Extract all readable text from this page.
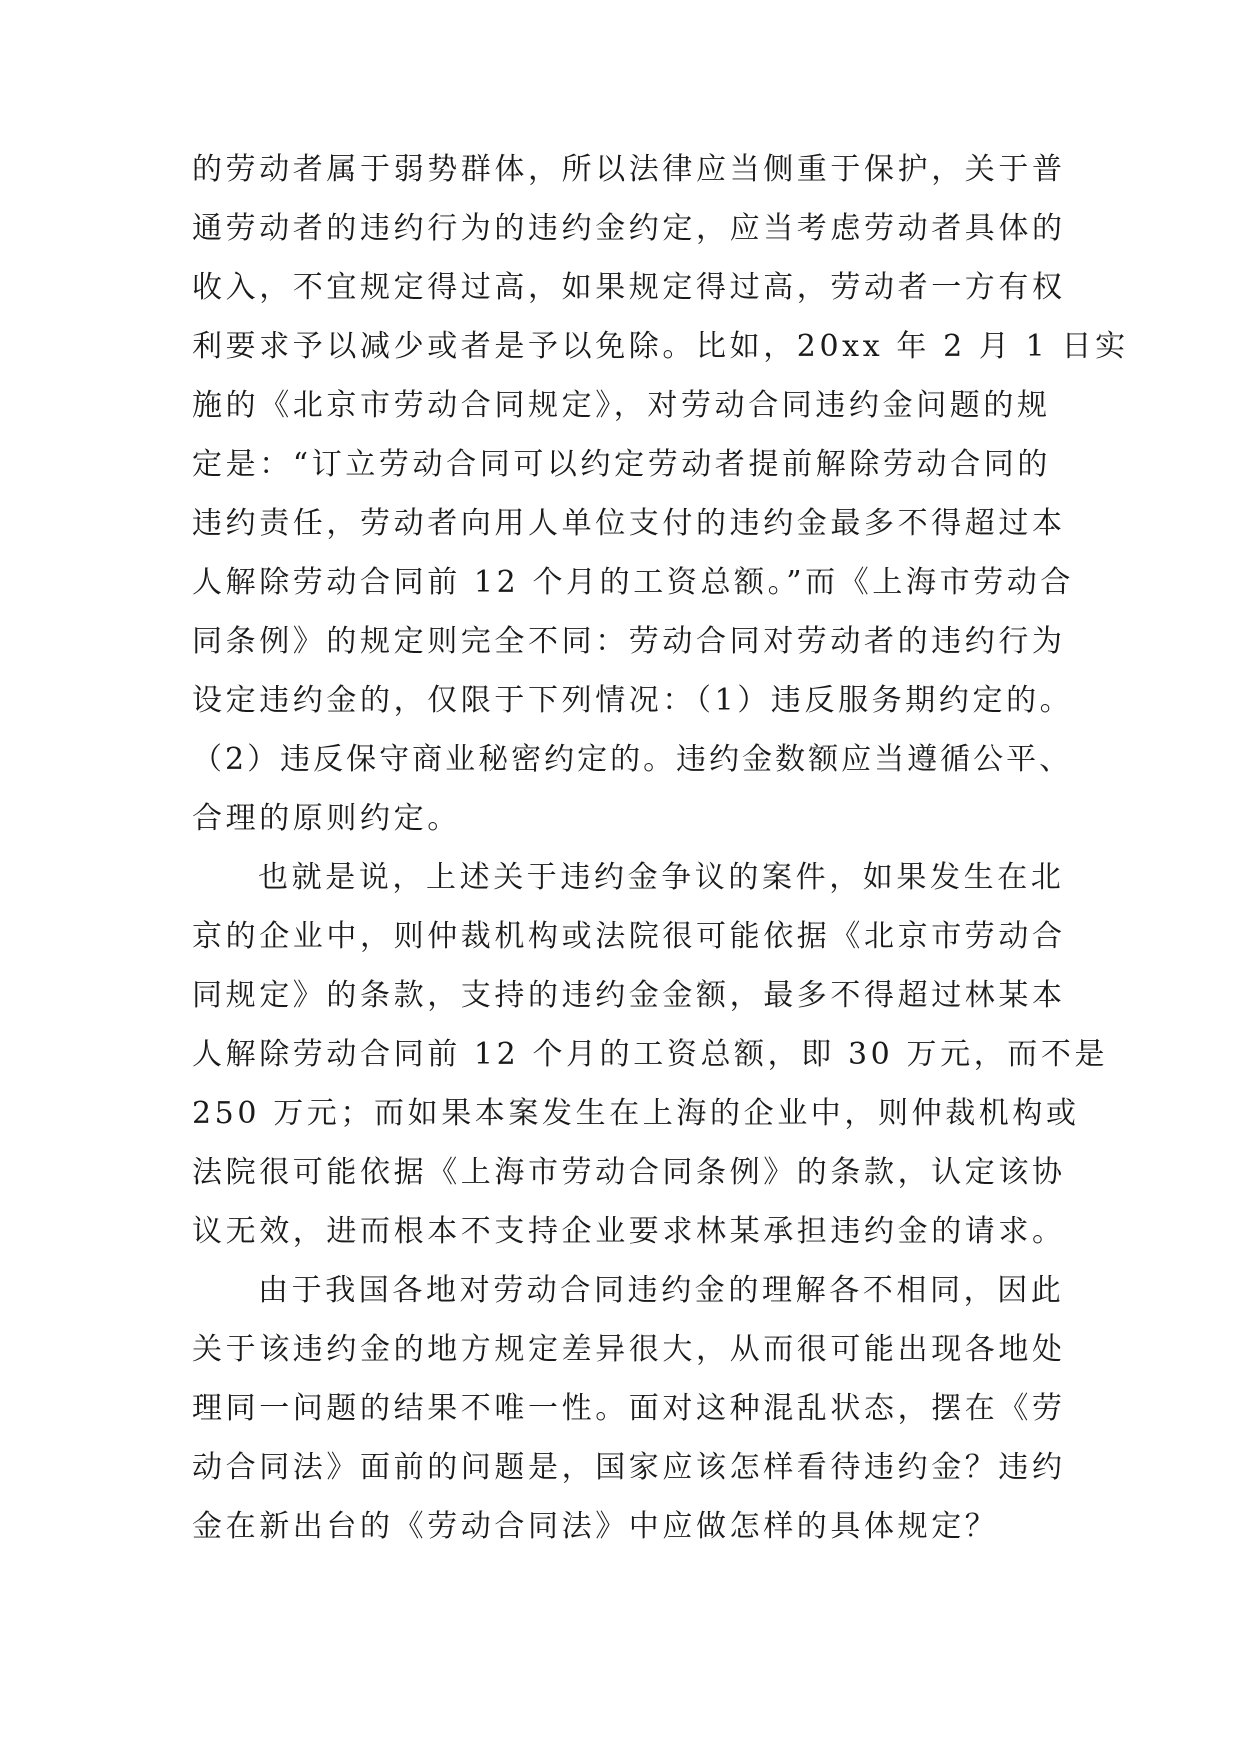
的劳动者属于弱势群体，所以法律应当侧重于保护，关于普
通劳动者的违约行为的违约金约定，应当考虑劳动者具体的
收入，不宜规定得过高，如果规定得过高，劳动者一方有权
利要求予以减少或者是予以免除。比如，20xx 年 2 月 1 日实
施的《北京市劳动合同规定》，对劳动合同违约金问题的规
定是：“订立劳动合同可以约定劳动者提前解除劳动合同的
违约责任，劳动者向用人单位支付的违约金最多不得超过本
人解除劳动合同前 12 个月的工资总额。”而《上海市劳动合
同条例》的规定则完全不同：劳动合同对劳动者的违约行为
设定违约金的，仅限于下列情况：（1）违反服务期约定的。
（2）违反保守商业秘密约定的。违约金数额应当遵循公平、
合理的原则约定。
也就是说，上述关于违约金争议的案件，如果发生在北
京的企业中，则仲裁机构或法院很可能依据《北京市劳动合
同规定》的条款，支持的违约金金额，最多不得超过林某本
人解除劳动合同前 12 个月的工资总额，即 30 万元，而不是
250 万元；而如果本案发生在上海的企业中，则仲裁机构或
法院很可能依据《上海市劳动合同条例》的条款，认定该协
议无效，进而根本不支持企业要求林某承担违约金的请求。
由于我国各地对劳动合同违约金的理解各不相同，因此
关于该违约金的地方规定差异很大，从而很可能出现各地处
理同一问题的结果不唯一性。面对这种混乱状态，摆在《劳
动合同法》面前的问题是，国家应该怎样看待违约金？违约
金在新出台的《劳动合同法》中应做怎样的具体规定？
